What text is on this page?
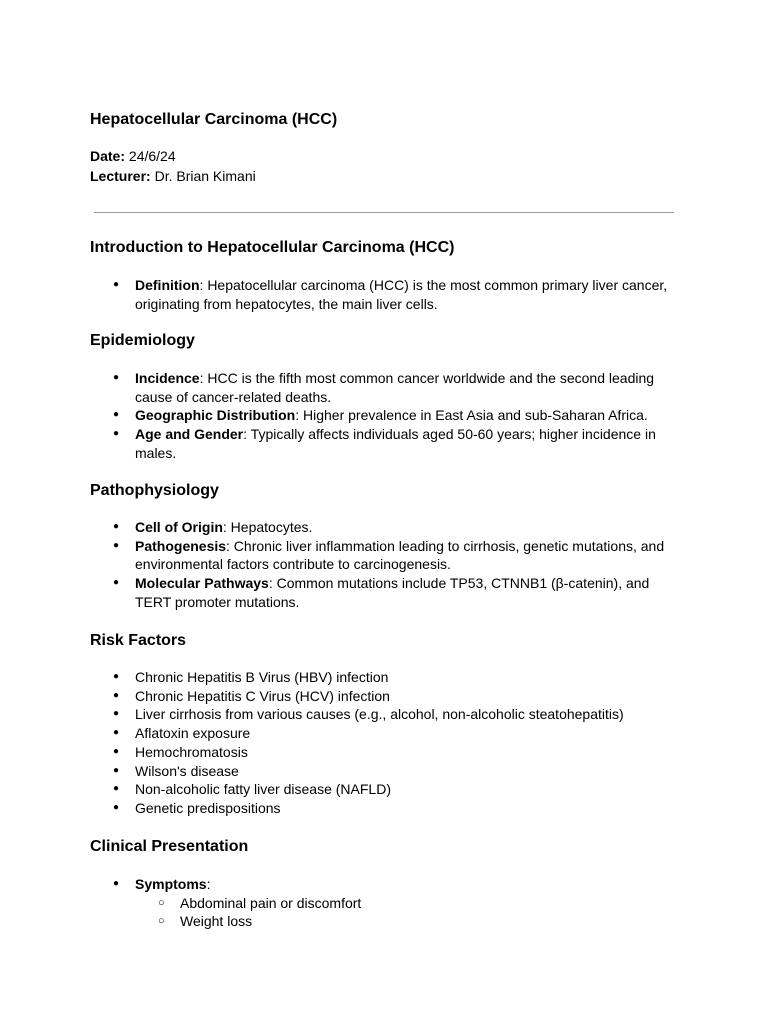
Hepatocellular Carcinoma (HCC)
Date: 24/6/24
Lecturer: Dr. Brian Kimani
Introduction to Hepatocellular Carcinoma (HCC)
● Definition: Hepatocellular carcinoma (HCC) is the most common primary liver cancer, originating from hepatocytes, the main liver cells.
Epidemiology
● Incidence: HCC is the fifth most common cancer worldwide and the second leading cause of cancer-related deaths.
● Geographic Distribution: Higher prevalence in East Asia and sub-Saharan Africa.
● Age and Gender: Typically affects individuals aged 50-60 years; higher incidence in males.
Pathophysiology
● Cell of Origin: Hepatocytes.
● Pathogenesis: Chronic liver inflammation leading to cirrhosis, genetic mutations, and environmental factors contribute to carcinogenesis.
● Molecular Pathways: Common mutations include TP53, CTNNB1 (β-catenin), and TERT promoter mutations.
Risk Factors
● Chronic Hepatitis B Virus (HBV) infection
● Chronic Hepatitis C Virus (HCV) infection
● Liver cirrhosis from various causes (e.g., alcohol, non-alcoholic steatohepatitis)
● Aflatoxin exposure
● Hemochromatosis
● Wilson's disease
● Non-alcoholic fatty liver disease (NAFLD)
● Genetic predispositions
Clinical Presentation
● Symptoms:
○ Abdominal pain or discomfort
○ Weight loss
